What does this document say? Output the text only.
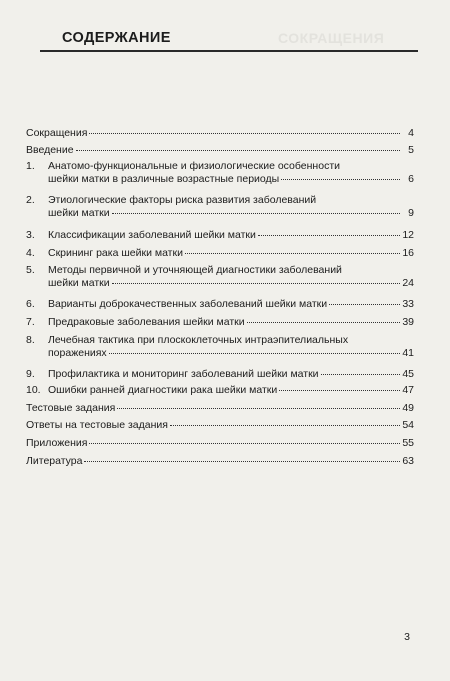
СОКРАЩЕНИЯ
СОДЕРЖАНИЕ
Сокращения	4
Введение	5
1.	Анатомо-функциональные и физиологические особенности
шейки матки в различные возрастные периоды	6
2.	Этиологические факторы риска развития заболеваний
шейки матки	9
3.	Классификации заболеваний шейки матки	12
4.	Скрининг рака шейки матки	16
5.	Методы первичной и уточняющей диагностики заболеваний
шейки матки	24
6.	Варианты доброкачественных заболеваний шейки матки	33
7.	Предраковые заболевания шейки матки	39
8.	Лечебная тактика при плоскоклеточных интраэпителиальных
поражениях	41
9.	Профилактика и мониторинг заболеваний шейки матки	45
10. Ошибки ранней диагностики рака шейки матки	47
Тестовые задания	49
Ответы на тестовые задания	54
Приложения	55
Литература	63
3
